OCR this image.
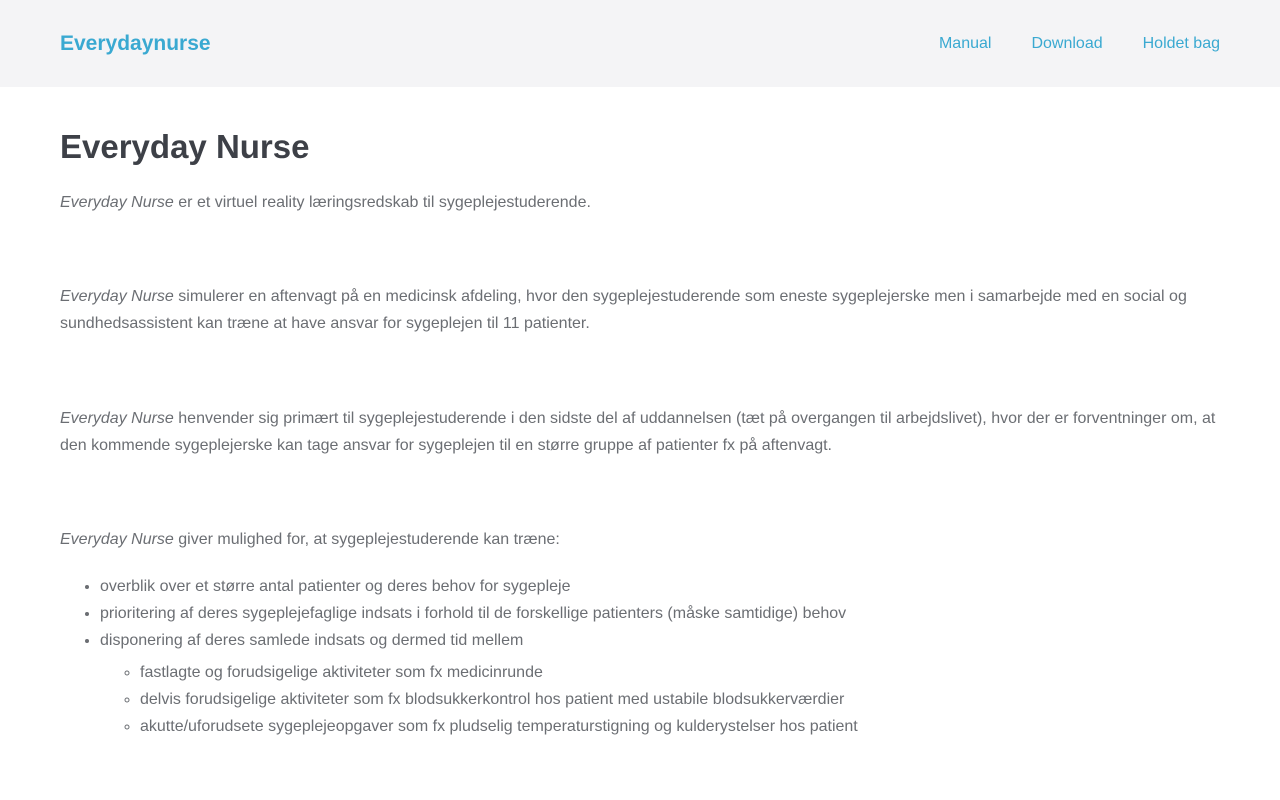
Everydaynurse	Manual	Download	Holdet bag
Everyday Nurse

Everyday Nurse er et virtuel reality læringsredskab til sygeplejestuderende.

Everyday Nurse simulerer en aftenvagt på en medicinsk afdeling, hvor den sygeplejestuderende som eneste sygeplejerske men i samarbejde med en social og sundhedsassistent kan træne at have ansvar for sygeplejen til 11 patienter.

Everyday Nurse henvender sig primært til sygeplejestuderende i den sidste del af uddannelsen (tæt på overgangen til arbejdslivet), hvor der er forventninger om, at den kommende sygeplejerske kan tage ansvar for sygeplejen til en større gruppe af patienter fx på aftenvagt.

Everyday Nurse giver mulighed for, at sygeplejestuderende kan træne:

• overblik over et større antal patienter og deres behov for sygepleje
• prioritering af deres sygeplejefaglige indsats i forhold til de forskellige patienters (måske samtidige) behov
• disponering af deres samlede indsats og dermed tid mellem
◦ fastlagte og forudsigelige aktiviteter som fx medicinrunde
◦ delvis forudsigelige aktiviteter som fx blodsukkerkontrol hos patient med ustabile blodsukkerværdier
◦ akutte/uforudsete sygeplejeopgaver som fx pludselig temperaturstigning og kulderystelser hos patient
